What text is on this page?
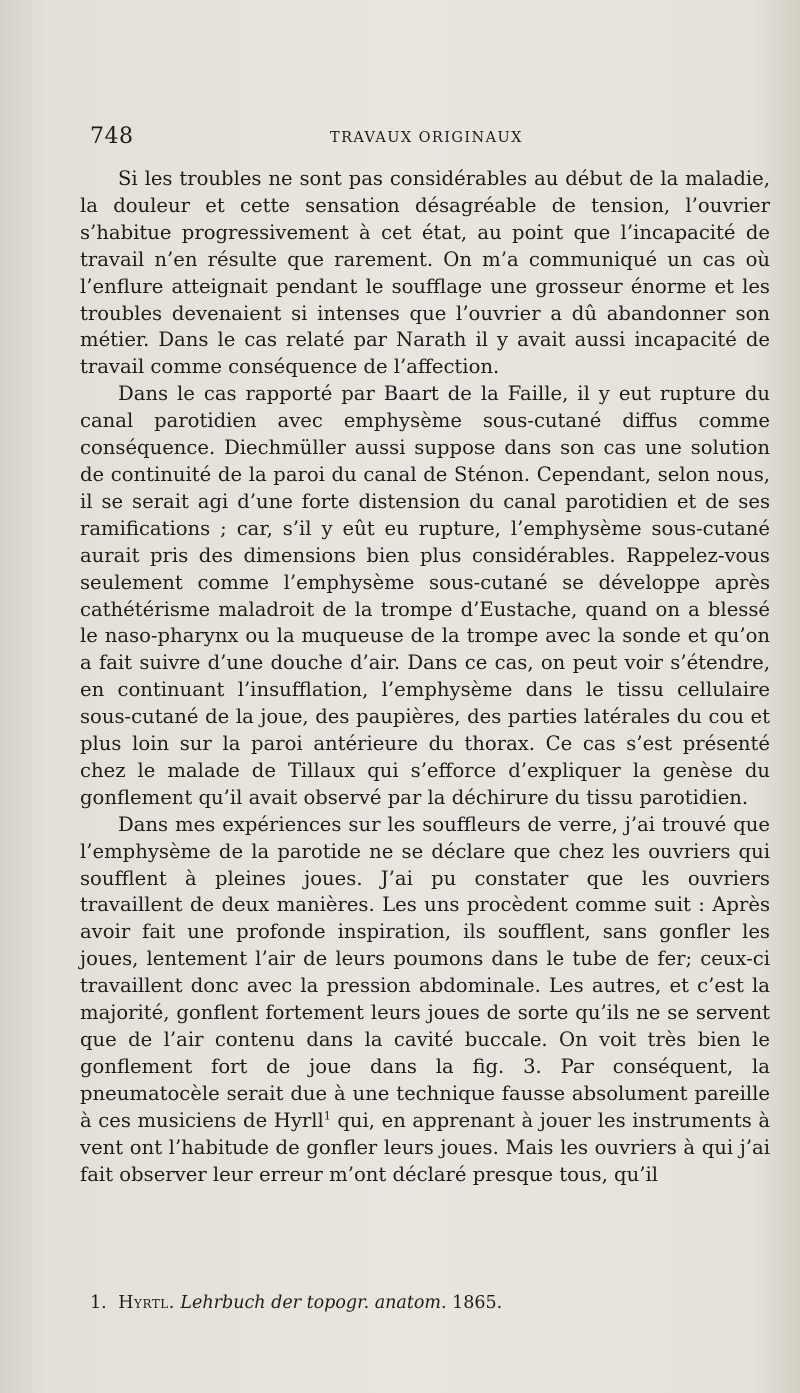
748	TRAVAUX ORIGINAUX

Si les troubles ne sont pas considérables au début de la maladie, la douleur et cette sensation désagréable de tension, l’ouvrier s’habitue progressivement à cet état, au point que l’incapacité de travail n’en résulte que rarement. On m’a communiqué un cas où l’enflure atteignait pendant le soufflage une grosseur énorme et les troubles devenaient si intenses que l’ouvrier a dû abandonner son métier. Dans le cas relaté par Narath il y avait aussi incapacité de travail comme conséquence de l’affection.

Dans le cas rapporté par Baart de la Faille, il y eut rupture du canal parotidien avec emphysème sous-cutané diffus comme conséquence. Diechmüller aussi suppose dans son cas une solution de continuité de la paroi du canal de Sténon. Cependant, selon nous, il se serait agi d’une forte distension du canal parotidien et de ses ramifications ; car, s’il y eût eu rupture, l’emphysème sous-cutané aurait pris des dimensions bien plus considérables. Rappelez-vous seulement comme l’emphysème sous-cutané se développe après cathétérisme maladroit de la trompe d’Eustache, quand on a blessé le naso-pharynx ou la muqueuse de la trompe avec la sonde et qu’on a fait suivre d’une douche d’air. Dans ce cas, on peut voir s’étendre, en continuant l’insufflation, l’emphysème dans le tissu cellulaire sous-cutané de la joue, des paupières, des parties latérales du cou et plus loin sur la paroi antérieure du thorax. Ce cas s’est présenté chez le malade de Tillaux qui s’efforce d’expliquer la genèse du gonflement qu’il avait observé par la déchirure du tissu parotidien.

Dans mes expériences sur les souffleurs de verre, j’ai trouvé que l’emphysème de la parotide ne se déclare que chez les ouvriers qui soufflent à pleines joues. J’ai pu constater que les ouvriers travaillent de deux manières. Les uns procèdent comme suit : Après avoir fait une profonde inspiration, ils soufflent, sans gonfler les joues, lentement l’air de leurs poumons dans le tube de fer; ceux-ci travaillent donc avec la pression abdominale. Les autres, et c’est la majorité, gonflent fortement leurs joues de sorte qu’ils ne se servent que de l’air contenu dans la cavité buccale. On voit très bien le gonflement fort de joue dans la fig. 3. Par conséquent, la pneumatocèle serait due à une technique fausse absolument pareille à ces musiciens de Hyrll$^1$ qui, en apprenant à jouer les instruments à vent ont l’habitude de gonfler leurs joues. Mais les ouvriers à qui j’ai fait observer leur erreur m’ont déclaré presque tous, qu’il

1. Hyrtl. Lehrbuch der topogr. anatom. 1865.
